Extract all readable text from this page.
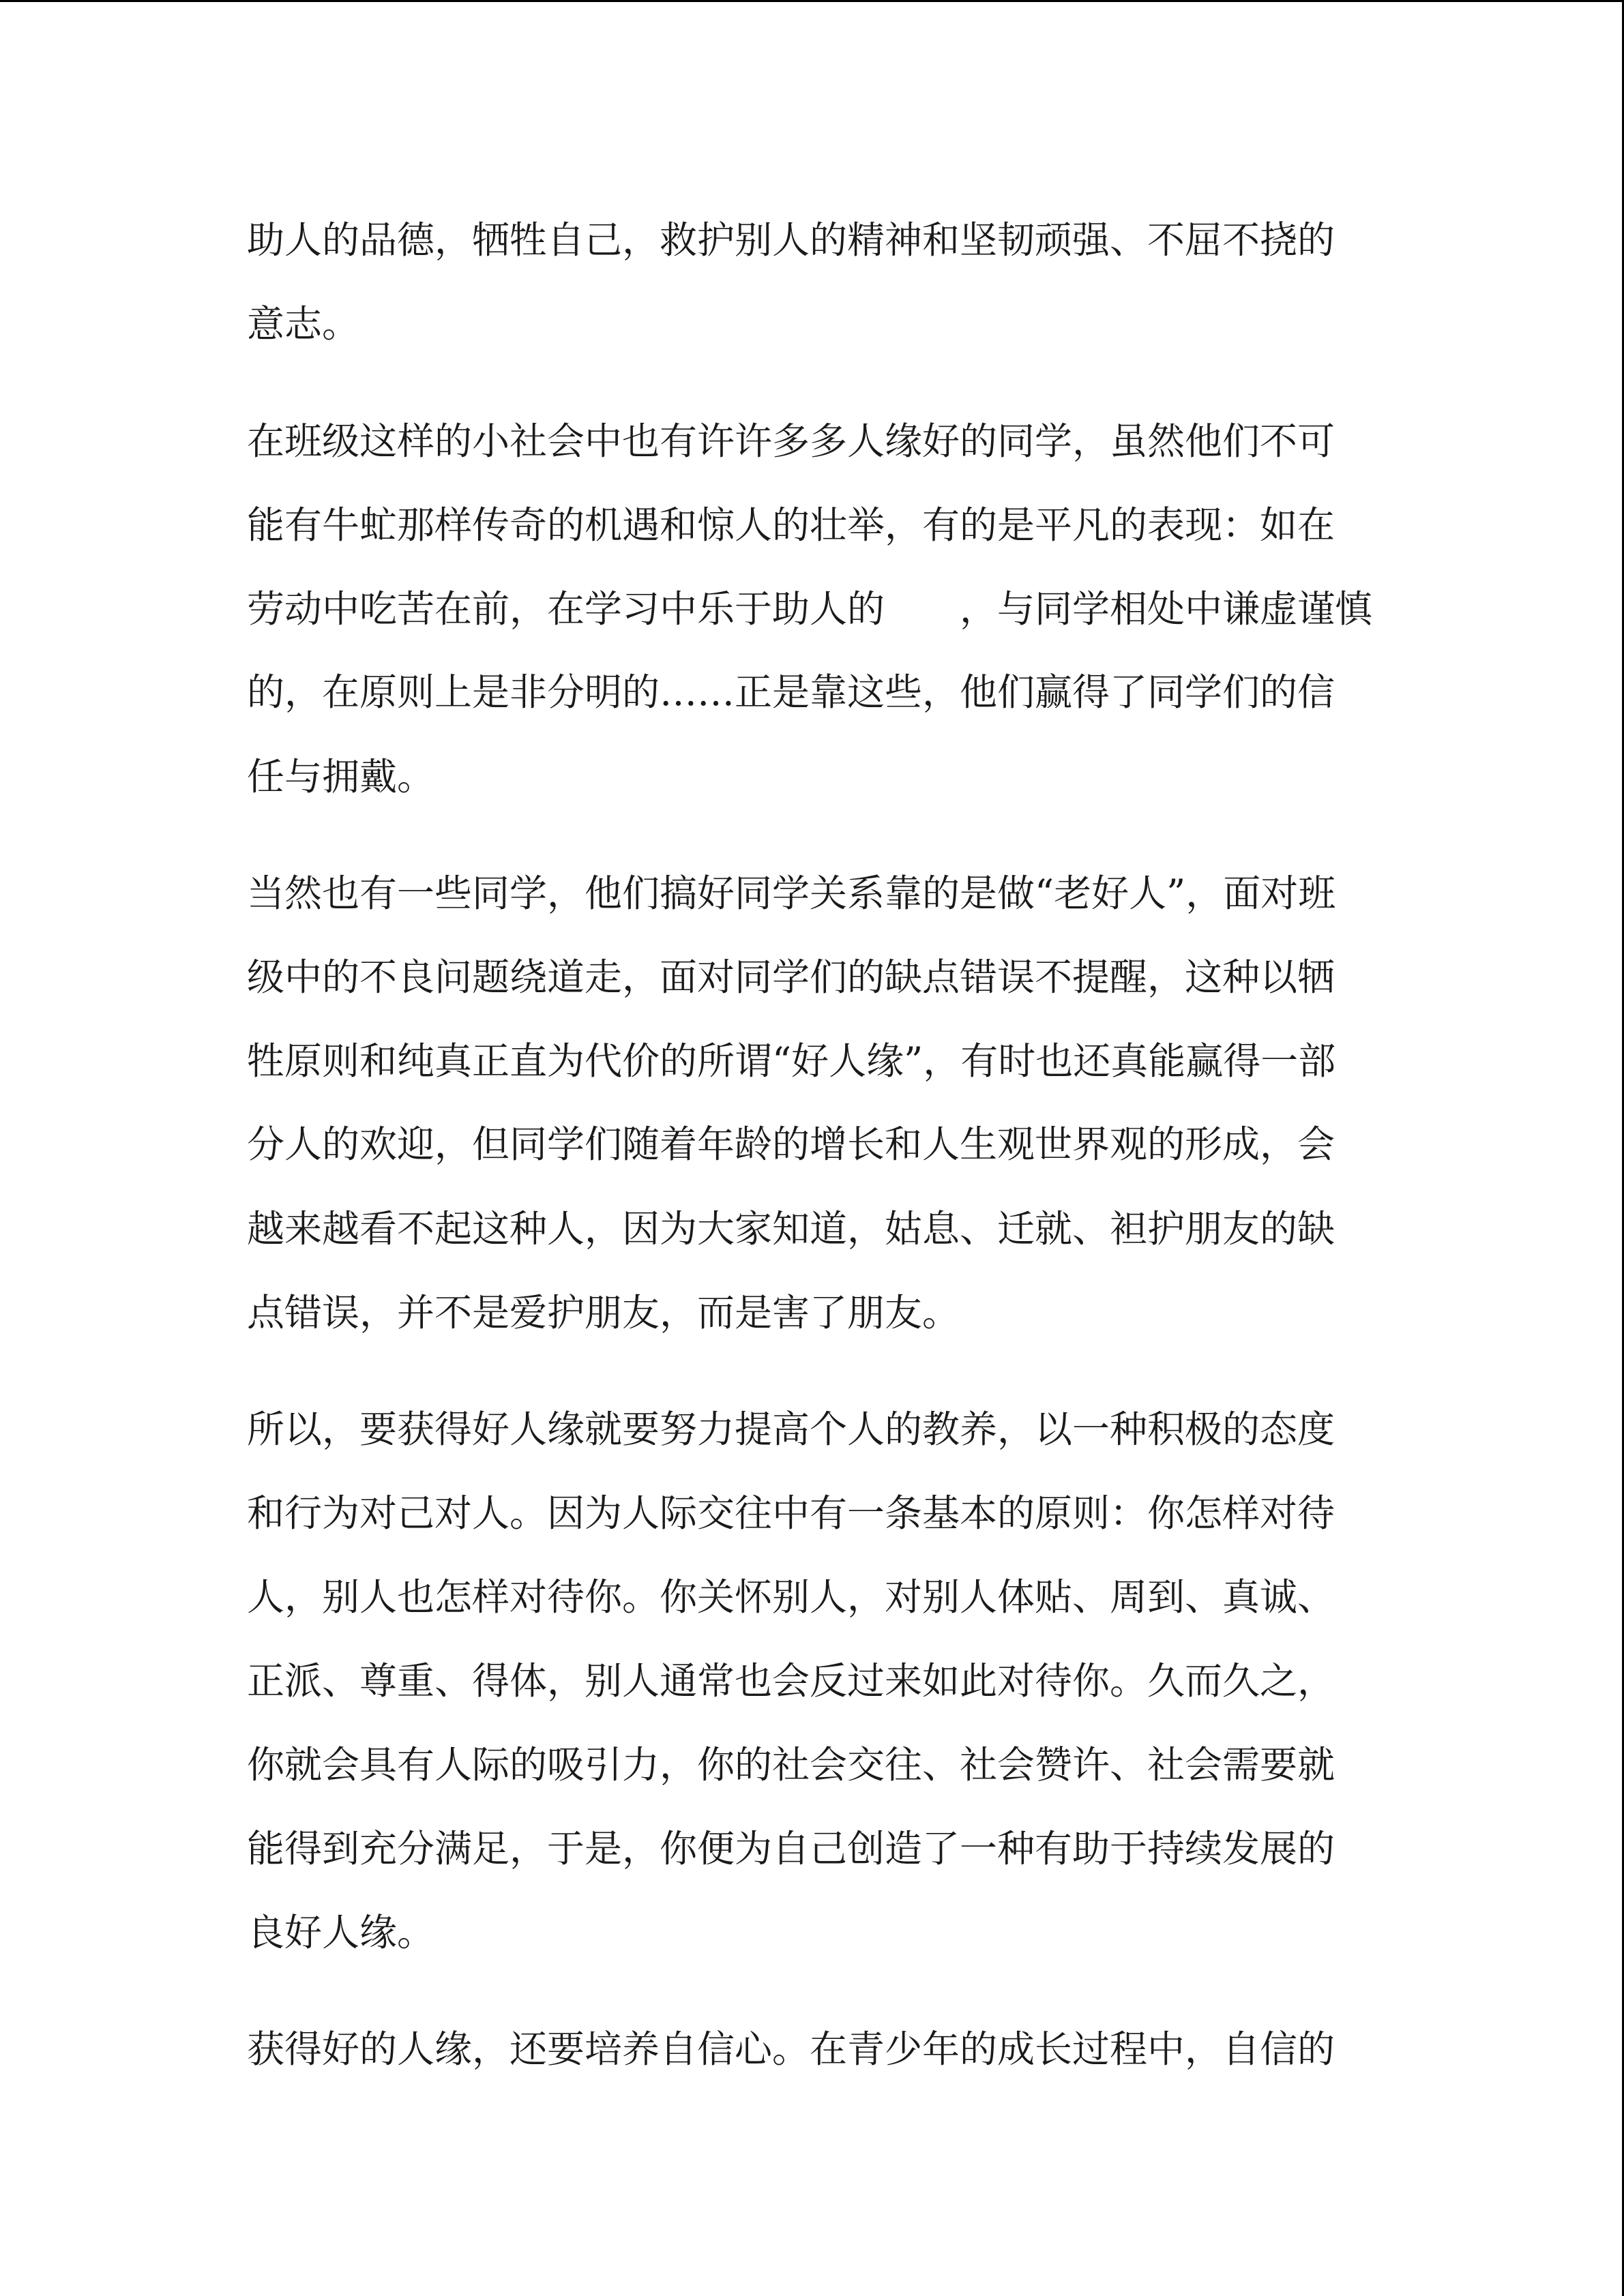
助人的品德，牺牲自己，救护别人的精神和坚韧顽强、不屈不挠的

意志。

在班级这样的小社会中也有许许多多人缘好的同学，虽然他们不可

能有牛虻那样传奇的机遇和惊人的壮举，有的是平凡的表现：如在

劳动中吃苦在前，在学习中乐于助人的　　，与同学相处中谦虚谨慎

的，在原则上是非分明的……正是靠这些，他们赢得了同学们的信

任与拥戴。

当然也有一些同学，他们搞好同学关系靠的是做“老好人”，面对班

级中的不良问题绕道走，面对同学们的缺点错误不提醒，这种以牺

牲原则和纯真正直为代价的所谓“好人缘”，有时也还真能赢得一部

分人的欢迎，但同学们随着年龄的增长和人生观世界观的形成，会

越来越看不起这种人，因为大家知道，姑息、迁就、袒护朋友的缺

点错误，并不是爱护朋友，而是害了朋友。

所以，要获得好人缘就要努力提高个人的教养，以一种积极的态度

和行为对己对人。因为人际交往中有一条基本的原则：你怎样对待

人，别人也怎样对待你。你关怀别人，对别人体贴、周到、真诚、

正派、尊重、得体，别人通常也会反过来如此对待你。久而久之，

你就会具有人际的吸引力，你的社会交往、社会赞许、社会需要就

能得到充分满足，于是，你便为自己创造了一种有助于持续发展的

良好人缘。

获得好的人缘，还要培养自信心。在青少年的成长过程中，自信的
